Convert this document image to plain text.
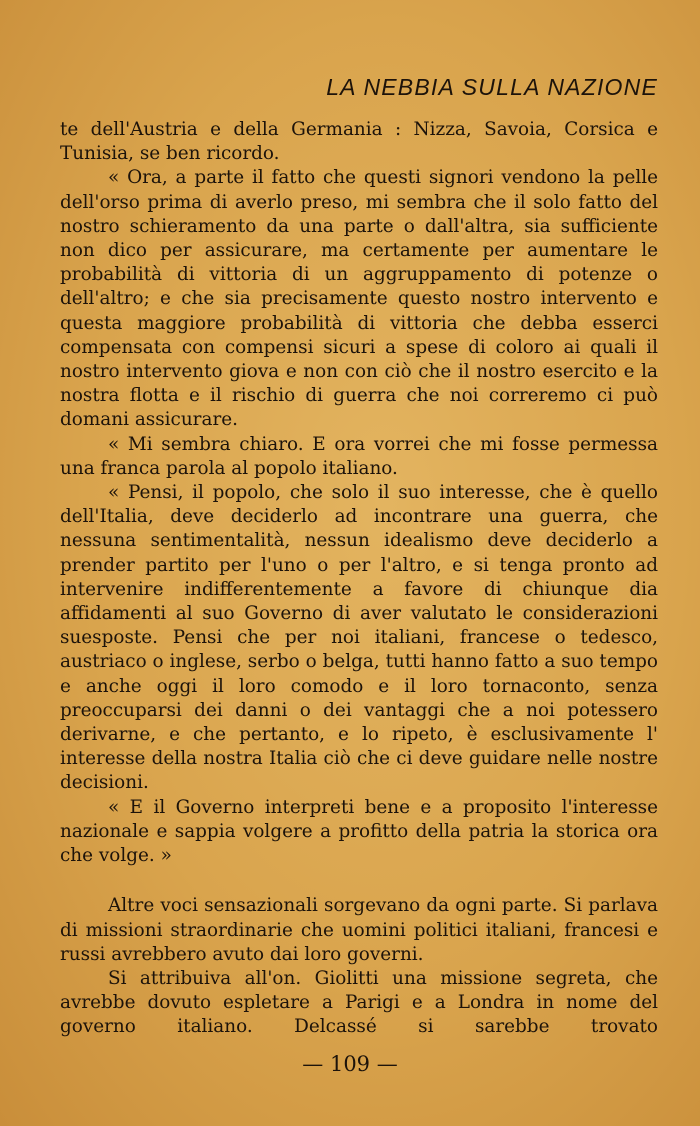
LA NEBBIA SULLA NAZIONE

te dell'Austria e della Germania : Nizza, Savoia, Corsica e Tunisia, se ben ricordo.

« Ora, a parte il fatto che questi signori vendono la pelle dell'orso prima di averlo preso, mi sembra che il solo fatto del nostro schieramento da una parte o dall'altra, sia sufficiente non dico per assicurare, ma certamente per aumentare le probabilità di vittoria di un aggruppamento di potenze o dell'altro; e che sia precisamente questo nostro intervento e questa maggiore probabilità di vittoria che debba esserci compensata con compensi sicuri a spese di coloro ai quali il nostro intervento giova e non con ciò che il nostro esercito e la nostra flotta e il rischio di guerra che noi correremo ci può domani assicurare.

« Mi sembra chiaro. E ora vorrei che mi fosse permessa una franca parola al popolo italiano.

« Pensi, il popolo, che solo il suo interesse, che è quello dell'Italia, deve deciderlo ad incontrare una guerra, che nessuna sentimentalità, nessun idealismo deve deciderlo a prender partito per l'uno o per l'altro, e si tenga pronto ad intervenire indifferentemente a favore di chiunque dia affidamenti al suo Governo di aver valutato le considerazioni suesposte. Pensi che per noi italiani, francese o tedesco, austriaco o inglese, serbo o belga, tutti hanno fatto a suo tempo e anche oggi il loro comodo e il loro tornaconto, senza preoccuparsi dei danni o dei vantaggi che a noi potessero derivarne, e che pertanto, e lo ripeto, è esclusivamente l' interesse della nostra Italia ciò che ci deve guidare nelle nostre decisioni.

« E il Governo interpreti bene e a proposito l'interesse nazionale e sappia volgere a profitto della patria la storica ora che volge. »

Altre voci sensazionali sorgevano da ogni parte. Si parlava di missioni straordinarie che uomini politici italiani, francesi e russi avrebbero avuto dai loro governi.

Si attribuiva all'on. Giolitti una missione segreta, che avrebbe dovuto espletare a Parigi e a Londra in nome del governo italiano. Delcassé si sarebbe trovato

— 109 —
